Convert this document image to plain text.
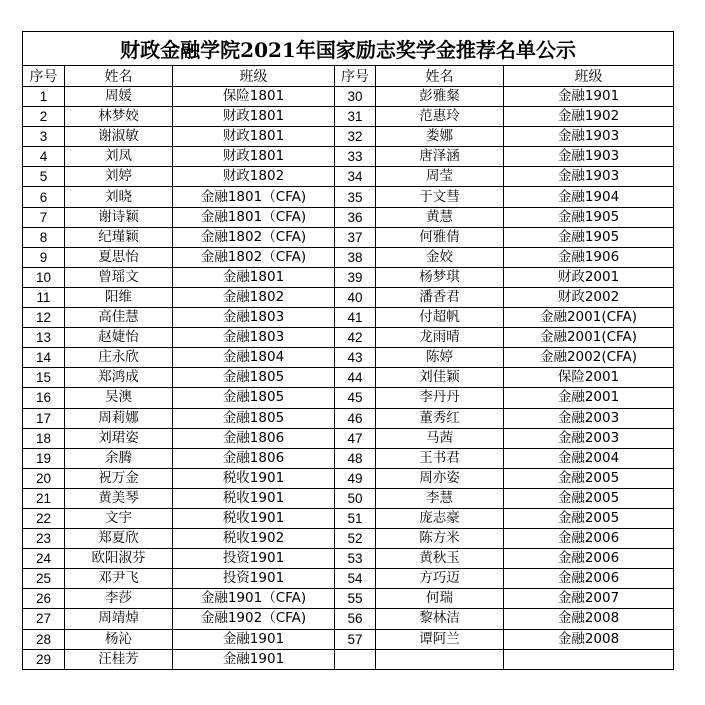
财政金融学院2021年国家励志奖学金推荐名单公示					
序号	姓名	班级	序号	姓名	班级
1	周媛	保险1801	30	彭雅粲	金融1901
2	林梦姣	财政1801	31	范惠玲	金融1902
3	谢淑敏	财政1801	32	娄娜	金融1903
4	刘凤	财政1801	33	唐泽涵	金融1903
5	刘婷	财政1802	34	周莹	金融1903
6	刘晓	金融1801（CFA)	35	于文彗	金融1904
7	谢诗颖	金融1801（CFA)	36	黄慧	金融1905
8	纪瑾颖	金融1802（CFA)	37	何雅倩	金融1905
9	夏思怡	金融1802（CFA)	38	金姣	金融1906
10	曾瑶文	金融1801	39	杨梦琪	财政2001
11	阳维	金融1802	40	潘香君	财政2002
12	高佳慧	金融1803	41	付超帆	金融2001(CFA)
13	赵婕怡	金融1803	42	龙雨晴	金融2001(CFA)
14	庄永欣	金融1804	43	陈婷	金融2002(CFA)
15	郑鸿成	金融1805	44	刘佳颖	保险2001
16	吴澳	金融1805	45	李丹丹	金融2001
17	周莉娜	金融1805	46	董秀红	金融2003
18	刘珺姿	金融1806	47	马茜	金融2003
19	余腾	金融1806	48	王书君	金融2004
20	祝万金	税收1901	49	周亦姿	金融2005
21	黄美琴	税收1901	50	李慧	金融2005
22	文宇	税收1901	51	庞志豪	金融2005
23	郑夏欣	税收1902	52	陈方米	金融2006
24	欧阳淑芬	投资1901	53	黄秋玉	金融2006
25	邓尹飞	投资1901	54	方巧迈	金融2006
26	李莎	金融1901（CFA)	55	何瑞	金融2007
27	周靖焯	金融1902（CFA)	56	黎林洁	金融2008
28	杨沁	金融1901	57	谭阿兰	金融2008
29	汪桂芳	金融1901			
